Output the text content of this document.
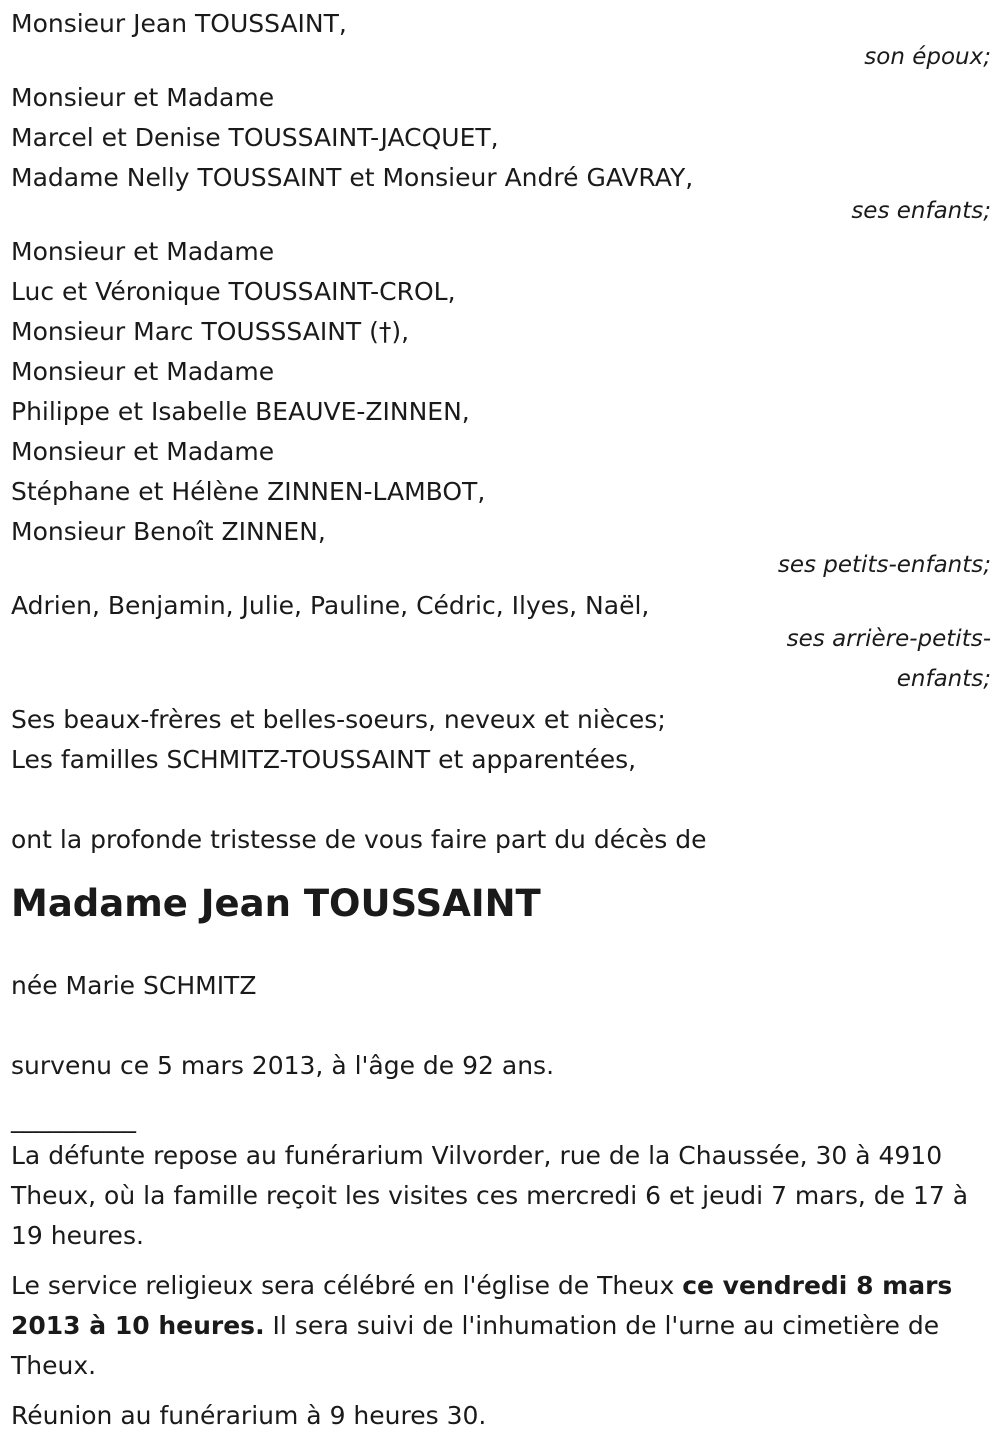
Monsieur Jean TOUSSAINT,
son époux;
Monsieur et Madame
Marcel et Denise TOUSSAINT-JACQUET,
Madame Nelly TOUSSAINT et Monsieur André GAVRAY,
ses enfants;
Monsieur et Madame
Luc et Véronique TOUSSAINT-CROL,
Monsieur Marc TOUSSSAINT (†),
Monsieur et Madame
Philippe et Isabelle BEAUVE-ZINNEN,
Monsieur et Madame
Stéphane et Hélène ZINNEN-LAMBOT,
Monsieur Benoît ZINNEN,
ses petits-enfants;
Adrien, Benjamin, Julie, Pauline, Cédric, Ilyes, Naël,
ses arrière-petits-
enfants;
Ses beaux-frères et belles-soeurs, neveux et nièces;
Les familles SCHMITZ-TOUSSAINT et apparentées,
ont la profonde tristesse de vous faire part du décès de
Madame Jean TOUSSAINT
née Marie SCHMITZ
survenu ce 5 mars 2013, à l'âge de 92 ans.
__________
La défunte repose au funérarium Vilvorder, rue de la Chaussée, 30 à 4910 Theux, où la famille reçoit les visites ces mercredi 6 et jeudi 7 mars, de 17 à 19 heures.
Le service religieux sera célébré en l'église de Theux ce vendredi 8 mars 2013 à 10 heures. Il sera suivi de l'inhumation de l'urne au cimetière de Theux.
Réunion au funérarium à 9 heures 30.
